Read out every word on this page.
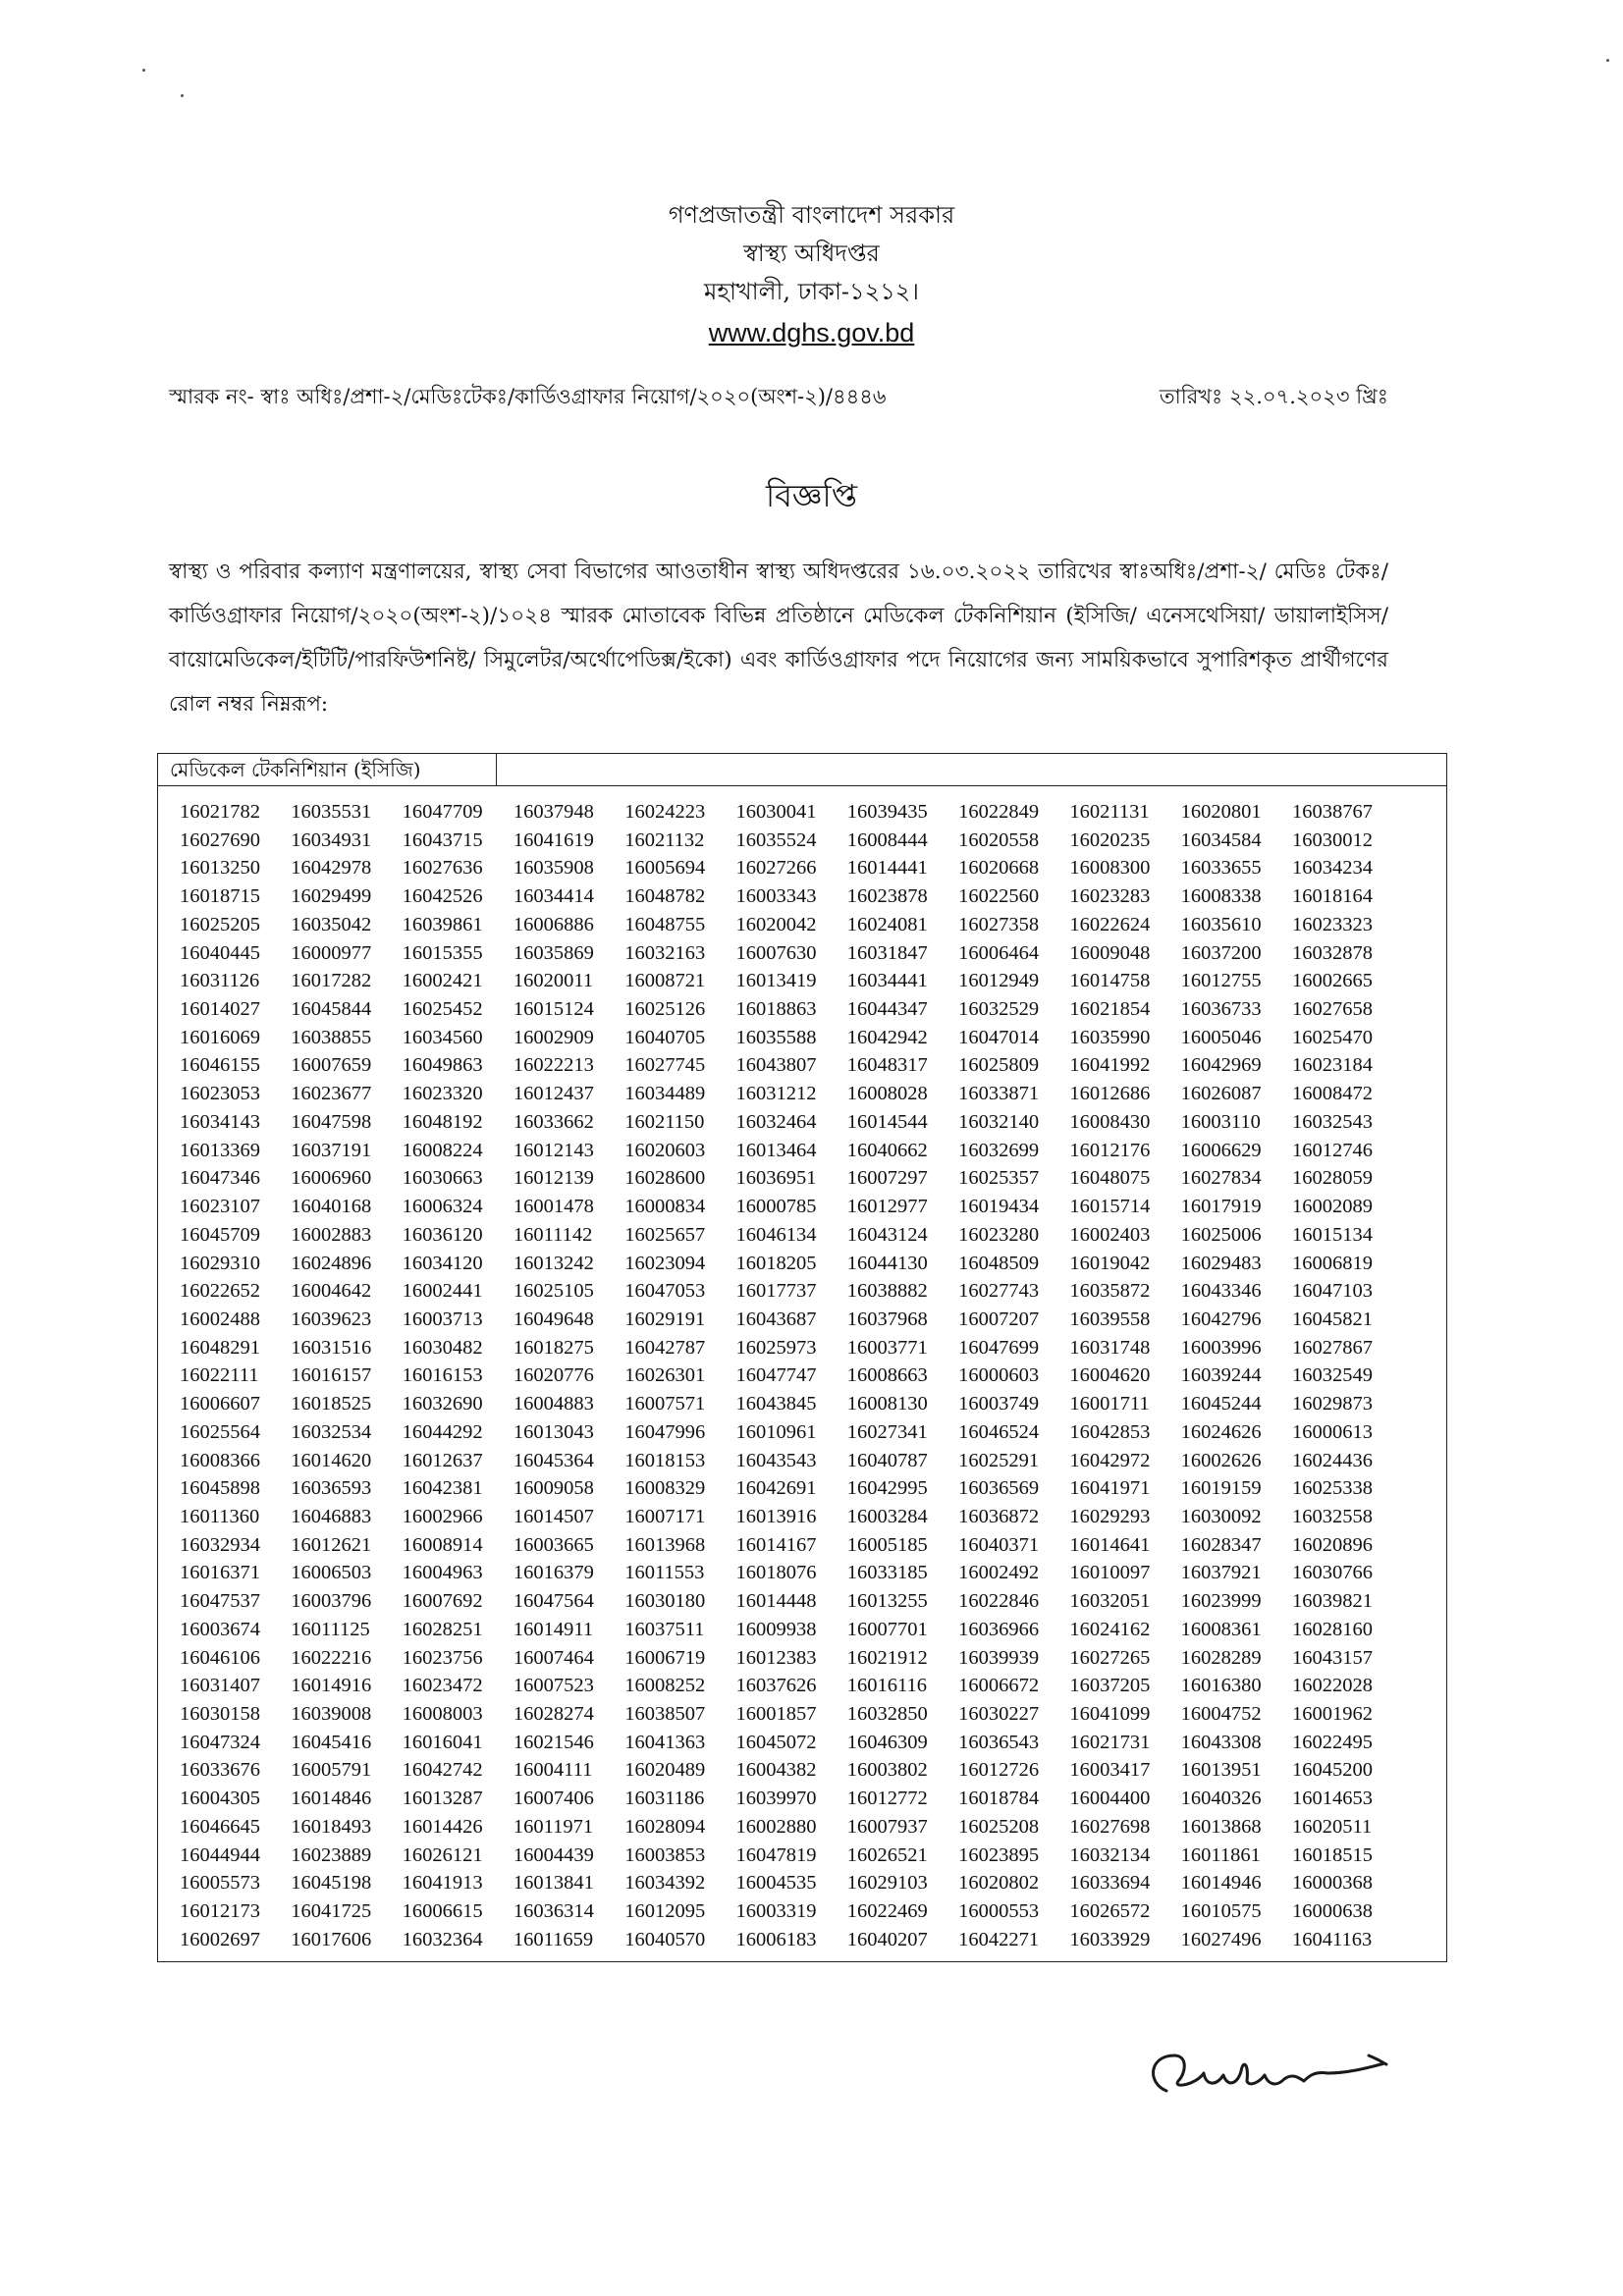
গণপ্রজাতন্ত্রী বাংলাদেশ সরকার
স্বাস্থ্য অধিদপ্তর
মহাখালী, ঢাকা-১২১২।
www.dghs.gov.bd
স্মারক নং- স্বাঃ অধিঃ/প্রশা-২/মেডিঃটেকঃ/কার্ডিওগ্রাফার নিয়োগ/২০২০(অংশ-২)/৪৪৪৬	তারিখঃ ২২.০৭.২০২৩ খ্রিঃ
বিজ্ঞপ্তি
স্বাস্থ্য ও পরিবার কল্যাণ মন্ত্রণালয়ের, স্বাস্থ্য সেবা বিভাগের আওতাধীন স্বাস্থ্য অধিদপ্তরের ১৬.০৩.২০২২ তারিখের স্বাঃঅধিঃ/প্রশা-২/ মেডিঃ টেকঃ/ কার্ডিওগ্রাফার নিয়োগ/২০২০(অংশ-২)/১০২৪ স্মারক মোতাবেক বিভিন্ন প্রতিষ্ঠানে মেডিকেল টেকনিশিয়ান (ইসিজি/ এনেসথেসিয়া/ ডায়ালাইসিস/বায়োমেডিকেল/ইটিটি/পারফিউশনিষ্ট/ সিমুলেটর/অর্থোপেডিক্স/ইকো) এবং কার্ডিওগ্রাফার পদে নিয়োগের জন্য সাময়িকভাবে সুপারিশকৃত প্রার্থীগণের রোল নম্বর নিম্নরূপ:
মেডিকেল টেকনিশিয়ান (ইসিজি)
16021782 16035531 16047709 16037948 16024223 16030041 16039435 16022849 16021131 16020801 16038767
16027690 16034931 16043715 16041619 16021132 16035524 16008444 16020558 16020235 16034584 16030012
16013250 16042978 16027636 16035908 16005694 16027266 16014441 16020668 16008300 16033655 16034234
16018715 16029499 16042526 16034414 16048782 16003343 16023878 16022560 16023283 16008338 16018164
16025205 16035042 16039861 16006886 16048755 16020042 16024081 16027358 16022624 16035610 16023323
16040445 16000977 16015355 16035869 16032163 16007630 16031847 16006464 16009048 16037200 16032878
16031126 16017282 16002421 16020011 16008721 16013419 16034441 16012949 16014758 16012755 16002665
16014027 16045844 16025452 16015124 16025126 16018863 16044347 16032529 16021854 16036733 16027658
16016069 16038855 16034560 16002909 16040705 16035588 16042942 16047014 16035990 16005046 16025470
16046155 16007659 16049863 16022213 16027745 16043807 16048317 16025809 16041992 16042969 16023184
16023053 16023677 16023320 16012437 16034489 16031212 16008028 16033871 16012686 16026087 16008472
16034143 16047598 16048192 16033662 16021150 16032464 16014544 16032140 16008430 16003110 16032543
16013369 16037191 16008224 16012143 16020603 16013464 16040662 16032699 16012176 16006629 16012746
16047346 16006960 16030663 16012139 16028600 16036951 16007297 16025357 16048075 16027834 16028059
16023107 16040168 16006324 16001478 16000834 16000785 16012977 16019434 16015714 16017919 16002089
16045709 16002883 16036120 16011142 16025657 16046134 16043124 16023280 16002403 16025006 16015134
16029310 16024896 16034120 16013242 16023094 16018205 16044130 16048509 16019042 16029483 16006819
16022652 16004642 16002441 16025105 16047053 16017737 16038882 16027743 16035872 16043346 16047103
16002488 16039623 16003713 16049648 16029191 16043687 16037968 16007207 16039558 16042796 16045821
16048291 16031516 16030482 16018275 16042787 16025973 16003771 16047699 16031748 16003996 16027867
16022111 16016157 16016153 16020776 16026301 16047747 16008663 16000603 16004620 16039244 16032549
16006607 16018525 16032690 16004883 16007571 16043845 16008130 16003749 16001711 16045244 16029873
16025564 16032534 16044292 16013043 16047996 16010961 16027341 16046524 16042853 16024626 16000613
16008366 16014620 16012637 16045364 16018153 16043543 16040787 16025291 16042972 16002626 16024436
16045898 16036593 16042381 16009058 16008329 16042691 16042995 16036569 16041971 16019159 16025338
16011360 16046883 16002966 16014507 16007171 16013916 16003284 16036872 16029293 16030092 16032558
16032934 16012621 16008914 16003665 16013968 16014167 16005185 16040371 16014641 16028347 16020896
16016371 16006503 16004963 16016379 16011553 16018076 16033185 16002492 16010097 16037921 16030766
16047537 16003796 16007692 16047564 16030180 16014448 16013255 16022846 16032051 16023999 16039821
16003674 16011125 16028251 16014911 16037511 16009938 16007701 16036966 16024162 16008361 16028160
16046106 16022216 16023756 16007464 16006719 16012383 16021912 16039939 16027265 16028289 16043157
16031407 16014916 16023472 16007523 16008252 16037626 16016116 16006672 16037205 16016380 16022028
16030158 16039008 16008003 16028274 16038507 16001857 16032850 16030227 16041099 16004752 16001962
16047324 16045416 16016041 16021546 16041363 16045072 16046309 16036543 16021731 16043308 16022495
16033676 16005791 16042742 16004111 16020489 16004382 16003802 16012726 16003417 16013951 16045200
16004305 16014846 16013287 16007406 16031186 16039970 16012772 16018784 16004400 16040326 16014653
16046645 16018493 16014426 16011971 16028094 16002880 16007937 16025208 16027698 16013868 16020511
16044944 16023889 16026121 16004439 16003853 16047819 16026521 16023895 16032134 16011861 16018515
16005573 16045198 16041913 16013841 16034392 16004535 16029103 16020802 16033694 16014946 16000368
16012173 16041725 16006615 16036314 16012095 16003319 16022469 16000553 16026572 16010575 16000638
16002697 16017606 16032364 16011659 16040570 16006183 16040207 16042271 16033929 16027496 16041163
